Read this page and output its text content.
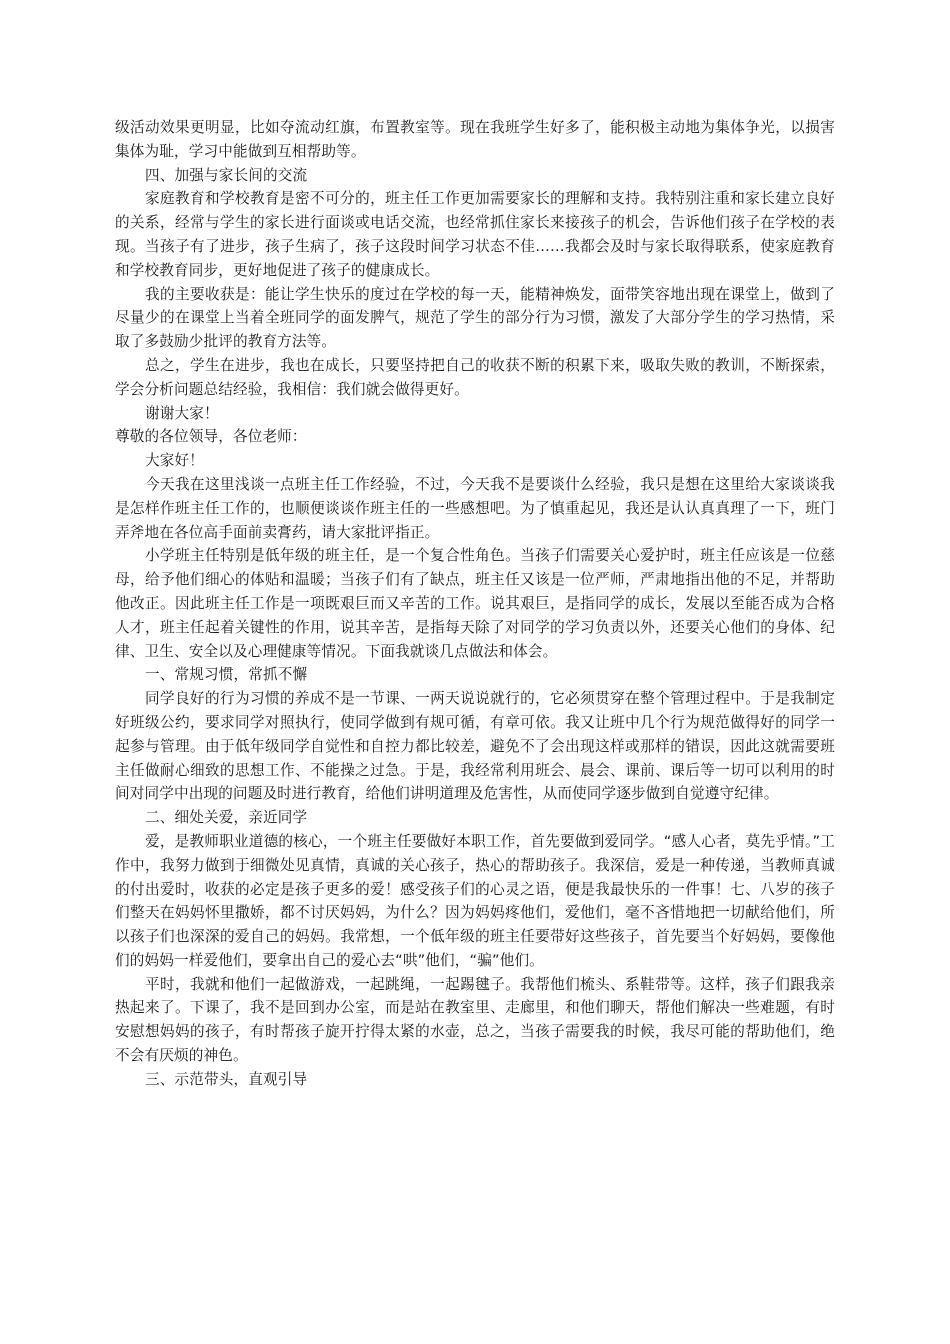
级活动效果更明显，比如夺流动红旗，布置教室等。现在我班学生好多了，能积极主动地为集体争光，以损害集体为耻，学习中能做到互相帮助等。

四、加强与家长间的交流

家庭教育和学校教育是密不可分的，班主任工作更加需要家长的理解和支持。我特别注重和家长建立良好的关系，经常与学生的家长进行面谈或电话交流，也经常抓住家长来接孩子的机会，告诉他们孩子在学校的表现。当孩子有了进步，孩子生病了，孩子这段时间学习状态不佳……我都会及时与家长取得联系，使家庭教育和学校教育同步，更好地促进了孩子的健康成长。

我的主要收获是：能让学生快乐的度过在学校的每一天，能精神焕发，面带笑容地出现在课堂上，做到了尽量少的在课堂上当着全班同学的面发脾气，规范了学生的部分行为习惯，激发了大部分学生的学习热情，采取了多鼓励少批评的教育方法等。

总之，学生在进步，我也在成长，只要坚持把自己的收获不断的积累下来，吸取失败的教训，不断探索，学会分析问题总结经验，我相信：我们就会做得更好。

谢谢大家！

尊敬的各位领导，各位老师：

大家好！

今天我在这里浅谈一点班主任工作经验，不过，今天我不是要谈什么经验，我只是想在这里给大家谈谈我是怎样作班主任工作的，也顺便谈谈作班主任的一些感想吧。为了慎重起见，我还是认认真真理了一下，班门弄斧地在各位高手面前卖膏药，请大家批评指正。

小学班主任特别是低年级的班主任，是一个复合性角色。当孩子们需要关心爱护时，班主任应该是一位慈母，给予他们细心的体贴和温暖；当孩子们有了缺点，班主任又该是一位严师，严肃地指出他的不足，并帮助他改正。因此班主任工作是一项既艰巨而又辛苦的工作。说其艰巨，是指同学的成长，发展以至能否成为合格人才，班主任起着关键性的作用，说其辛苦，是指每天除了对同学的学习负责以外，还要关心他们的身体、纪律、卫生、安全以及心理健康等情况。下面我就谈几点做法和体会。

一、常规习惯，常抓不懈

同学良好的行为习惯的养成不是一节课、一两天说说就行的，它必须贯穿在整个管理过程中。于是我制定好班级公约，要求同学对照执行，使同学做到有规可循，有章可依。我又让班中几个行为规范做得好的同学一起参与管理。由于低年级同学自觉性和自控力都比较差，避免不了会出现这样或那样的错误，因此这就需要班主任做耐心细致的思想工作、不能操之过急。于是，我经常利用班会、晨会、课前、课后等一切可以利用的时间对同学中出现的问题及时进行教育，给他们讲明道理及危害性，从而使同学逐步做到自觉遵守纪律。

二、细处关爱，亲近同学

爱，是教师职业道德的核心，一个班主任要做好本职工作，首先要做到爱同学。“感人心者，莫先乎情。”工作中，我努力做到于细微处见真情，真诚的关心孩子，热心的帮助孩子。我深信，爱是一种传递，当教师真诚的付出爱时，收获的必定是孩子更多的爱！感受孩子们的心灵之语，便是我最快乐的一件事！七、八岁的孩子们整天在妈妈怀里撒娇，都不讨厌妈妈，为什么？因为妈妈疼他们，爱他们，毫不吝惜地把一切献给他们，所以孩子们也深深的爱自己的妈妈。我常想，一个低年级的班主任要带好这些孩子，首先要当个好妈妈，要像他们的妈妈一样爱他们，要拿出自己的爱心去“哄”他们，“骗”他们。

平时，我就和他们一起做游戏，一起跳绳，一起踢毽子。我帮他们梳头、系鞋带等。这样，孩子们跟我亲热起来了。下课了，我不是回到办公室，而是站在教室里、走廊里，和他们聊天，帮他们解决一些难题，有时安慰想妈妈的孩子，有时帮孩子旋开拧得太紧的水壶，总之，当孩子需要我的时候，我尽可能的帮助他们，绝不会有厌烦的神色。

三、示范带头，直观引导
